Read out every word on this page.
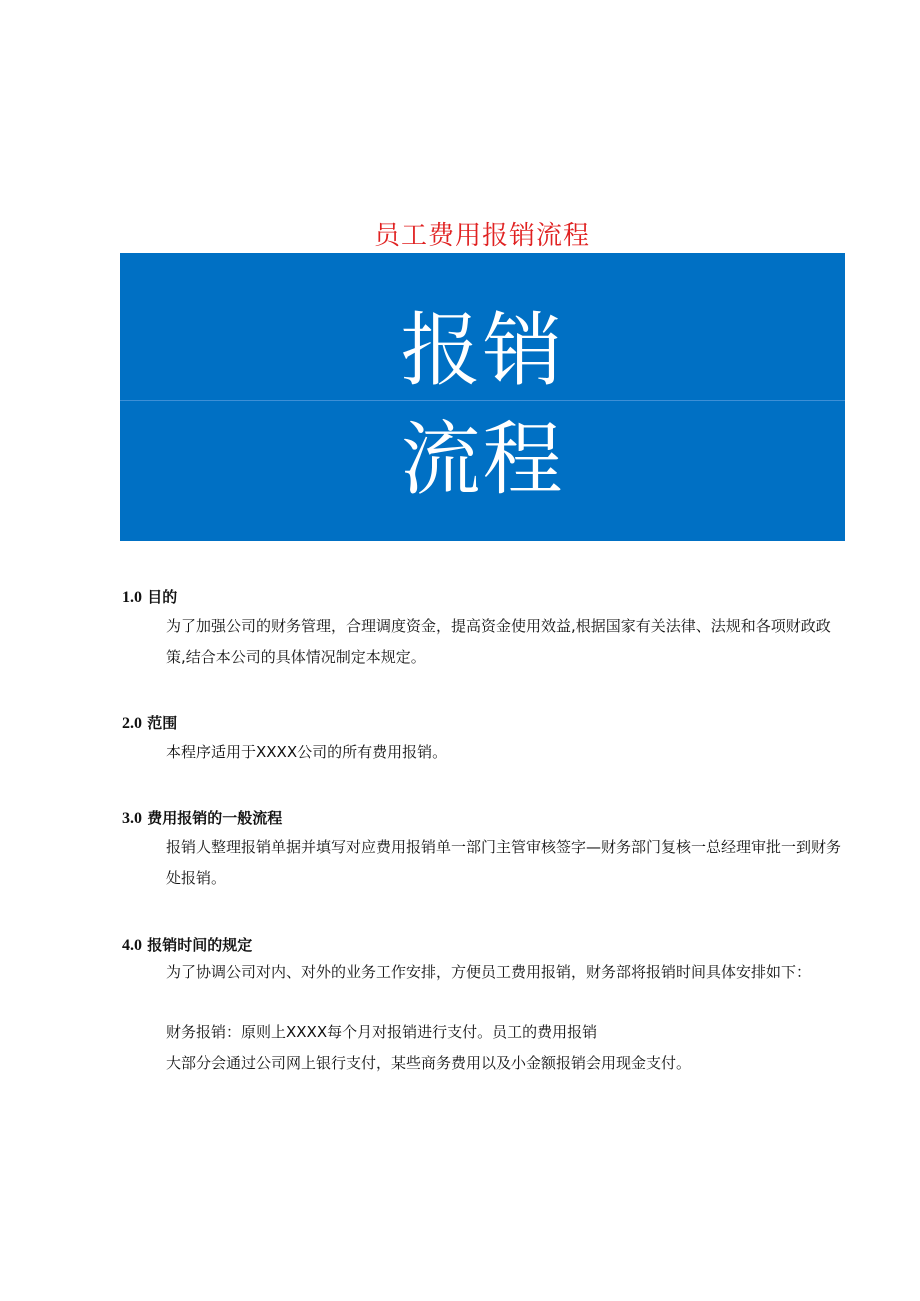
员工费用报销流程
报销
流程
1.0 目的
为了加强公司的财务管理，合理调度资金，提高资金使用效益,根据国家有关法律、法规和各项财政政策,结合本公司的具体情况制定本规定。
2.0 范围
本程序适用于XXXX公司的所有费用报销。
3.0 费用报销的一般流程
报销人整理报销单据并填写对应费用报销单一部门主管审核签字—财务部门复核一总经理审批一到财务处报销。
4.0 报销时间的规定
为了协调公司对内、对外的业务工作安排，方便员工费用报销，财务部将报销时间具体安排如下：
财务报销：原则上XXXX每个月对报销进行支付。员工的费用报销
大部分会通过公司网上银行支付，某些商务费用以及小金额报销会用现金支付。
